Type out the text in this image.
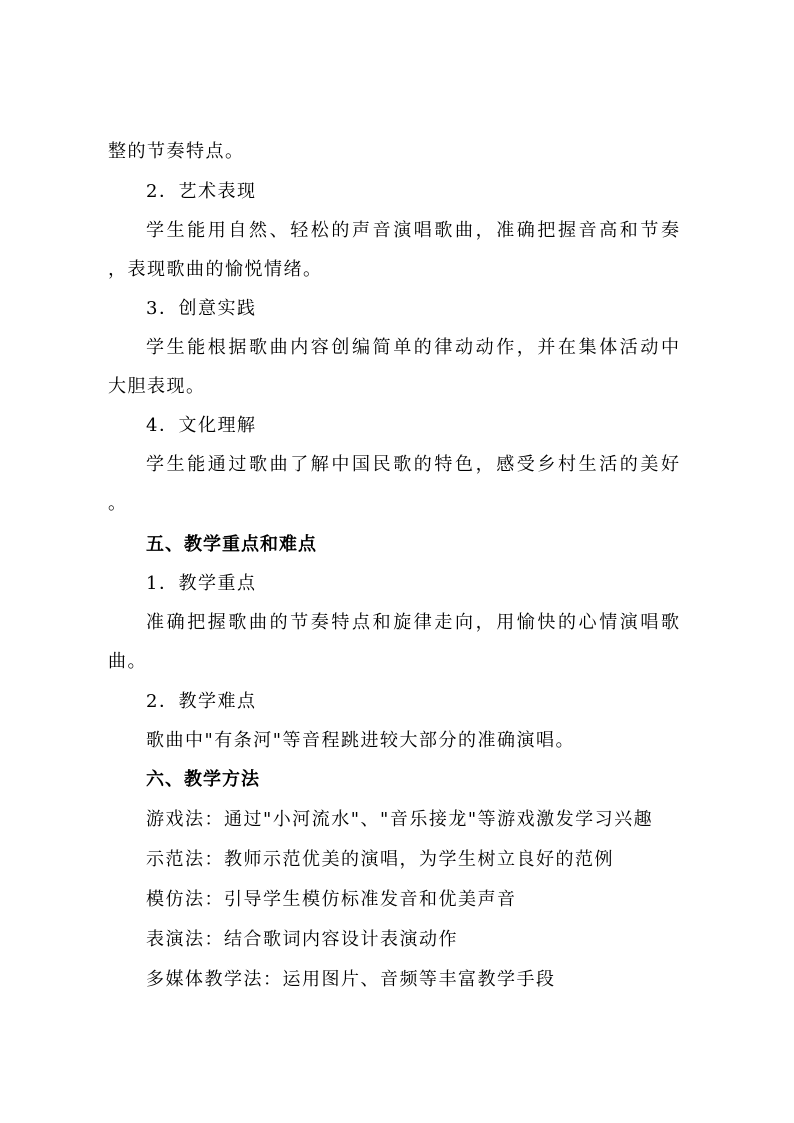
整的节奏特点。
2．艺术表现
学生能用自然、轻松的声音演唱歌曲，准确把握音高和节奏
，表现歌曲的愉悦情绪。
3．创意实践
学生能根据歌曲内容创编简单的律动动作，并在集体活动中
大胆表现。
4．文化理解
学生能通过歌曲了解中国民歌的特色，感受乡村生活的美好
。
五、教学重点和难点
1．教学重点
准确把握歌曲的节奏特点和旋律走向，用愉快的心情演唱歌
曲。
2．教学难点
歌曲中"有条河"等音程跳进较大部分的准确演唱。
六、教学方法
游戏法：通过"小河流水"、"音乐接龙"等游戏激发学习兴趣
示范法：教师示范优美的演唱，为学生树立良好的范例
模仿法：引导学生模仿标准发音和优美声音
表演法：结合歌词内容设计表演动作
多媒体教学法：运用图片、音频等丰富教学手段
